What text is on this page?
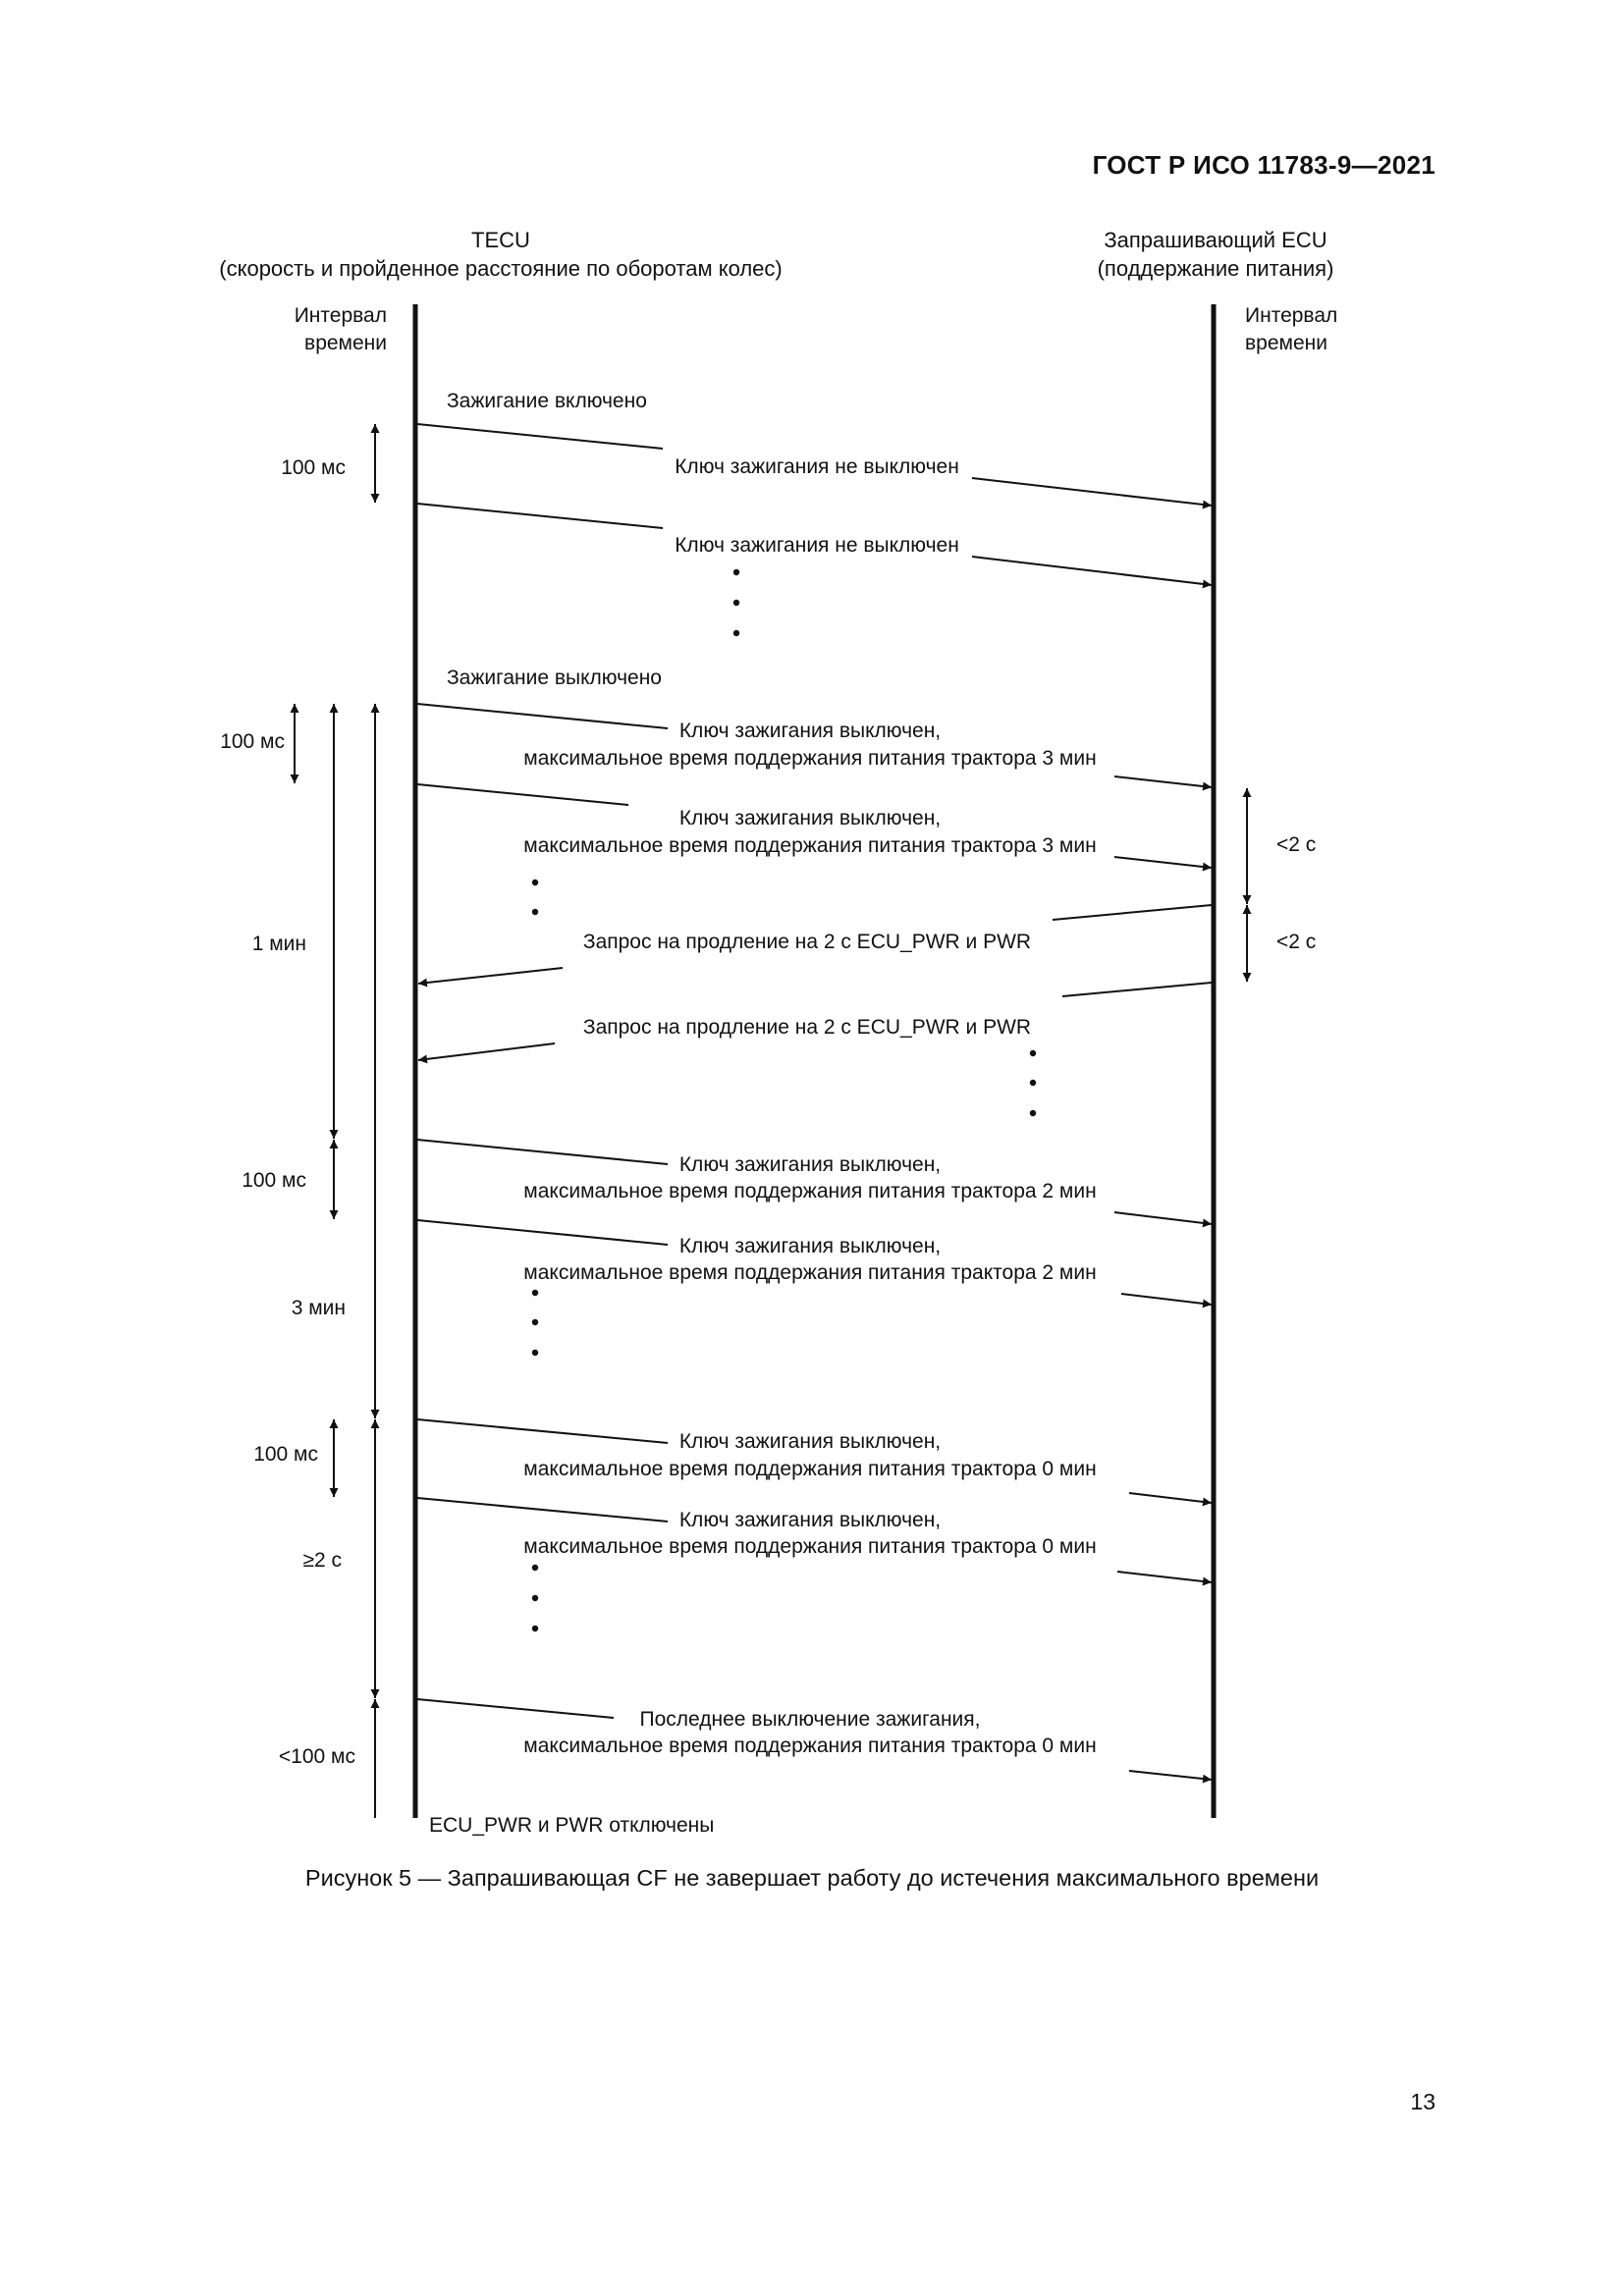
ГОСТ Р ИСО 11783-9—2021
TECU
(скорость и пройденное расстояние по оборотам колес)
Запрашивающий ECU
(поддержание питания)
Интервал
времени
Интервал
времени
Зажигание включено
Зажигание выключено
ECU_PWR и PWR отключены
Ключ зажигания не выключен
Ключ зажигания не выключен
Ключ зажигания выключен,
максимальное время поддержания питания трактора 3 мин
Ключ зажигания выключен,
максимальное время поддержания питания трактора 3 мин
Запрос на продление на 2 с ECU_PWR и PWR
Запрос на продление на 2 с ECU_PWR и PWR
Ключ зажигания выключен,
максимальное время поддержания питания трактора 2 мин
Ключ зажигания выключен,
максимальное время поддержания питания трактора 2 мин
Ключ зажигания выключен,
максимальное время поддержания питания трактора 0 мин
Ключ зажигания выключен,
максимальное время поддержания питания трактора 0 мин
Последнее выключение зажигания,
максимальное время поддержания питания трактора 0 мин
100 мс
100 мс
1 мин
100 мс
3 мин
100 мс
≥2 с
<100 мс
<2 с
<2 с
Рисунок 5 — Запрашивающая CF не завершает работу до истечения максимального времени
13
